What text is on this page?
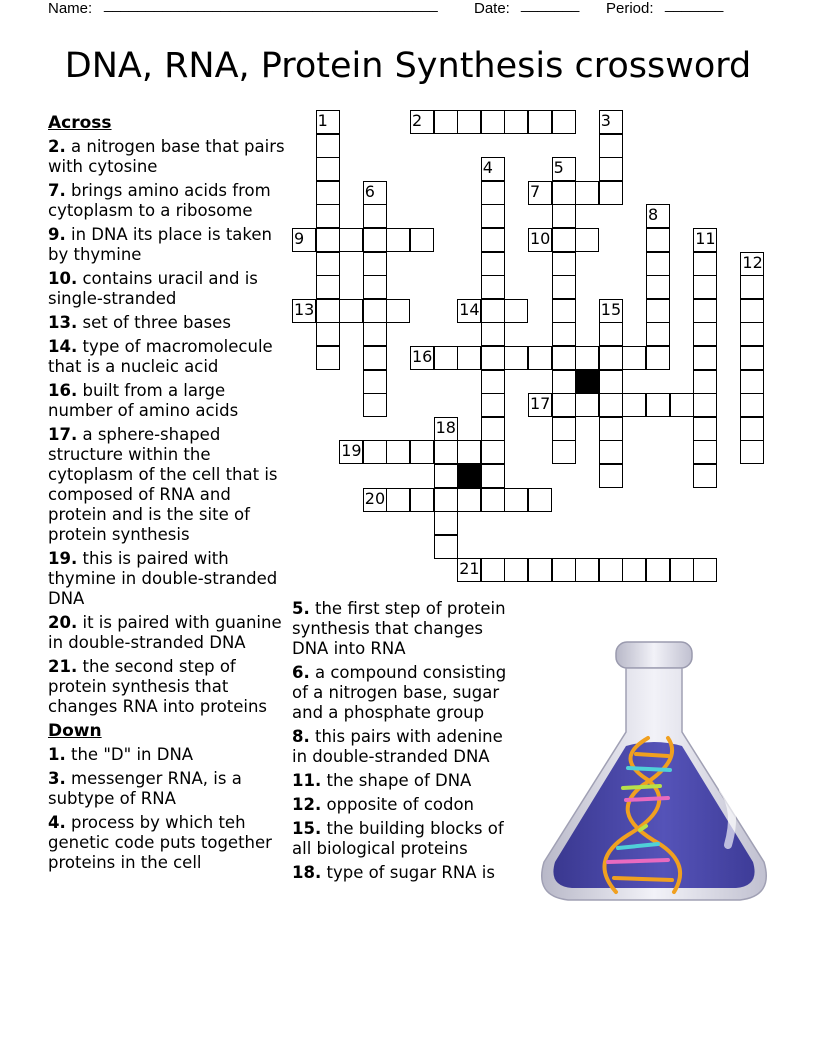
Name: ________________________________________ Date: _______ Period: _______
DNA, RNA, Protein Synthesis crossword
Across
2. a nitrogen base that pairs with cytosine
7. brings amino acids from cytoplasm to a ribosome
9. in DNA its place is taken by thymine
10. contains uracil and is single-stranded
13. set of three bases
14. type of macromolecule that is a nucleic acid
16. built from a large number of amino acids
17. a sphere-shaped structure within the cytoplasm of the cell that is composed of RNA and protein and is the site of protein synthesis
19. this is paired with thymine in double-stranded DNA
20. it is paired with guanine in double-stranded DNA
21. the second step of protein synthesis that changes RNA into proteins
Down
1. the "D" in DNA
3. messenger RNA, is a subtype of RNA
4. process by which teh genetic code puts together proteins in the cell
5. the first step of protein synthesis that changes DNA into RNA
6. a compound consisting of a nitrogen base, sugar and a phosphate group
8. this pairs with adenine in double-stranded DNA
11. the shape of DNA
12. opposite of codon
15. the building blocks of all biological proteins
18. type of sugar RNA is
1	2	3
4	5
6	7
8
9	10	11
12
13	14	15
16
17
18
19
20
21
